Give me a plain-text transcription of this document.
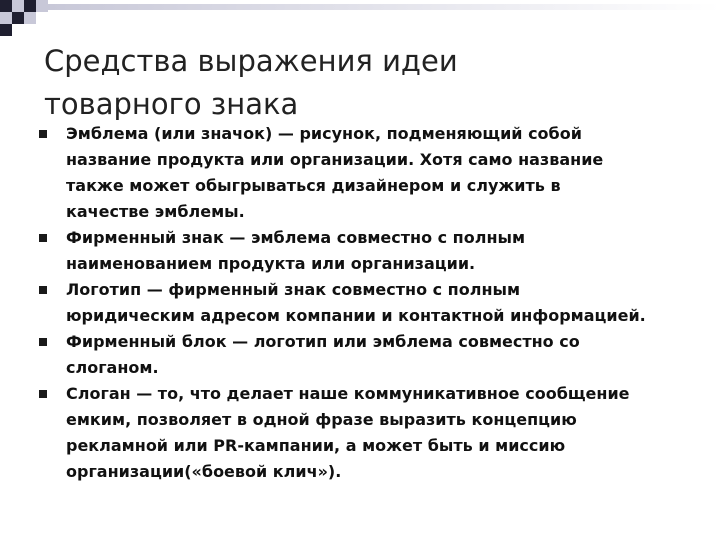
Средства выражения идеи
товарного знака
Эмблема (или значок) — рисунок, подменяющий собой
название продукта или организации. Хотя само название
также может обыгрываться дизайнером и служить в
качестве эмблемы.
Фирменный знак — эмблема совместно с полным
наименованием продукта или организации.
Логотип — фирменный знак совместно с полным
юридическим адресом компании и контактной информацией.
Фирменный блок — логотип или эмблема совместно со
слоганом.
Слоган — то, что делает наше коммуникативное сообщение
емким, позволяет в одной фразе выразить концепцию
рекламной или PR-кампании, а может быть и миссию
организации(«боевой клич»).
